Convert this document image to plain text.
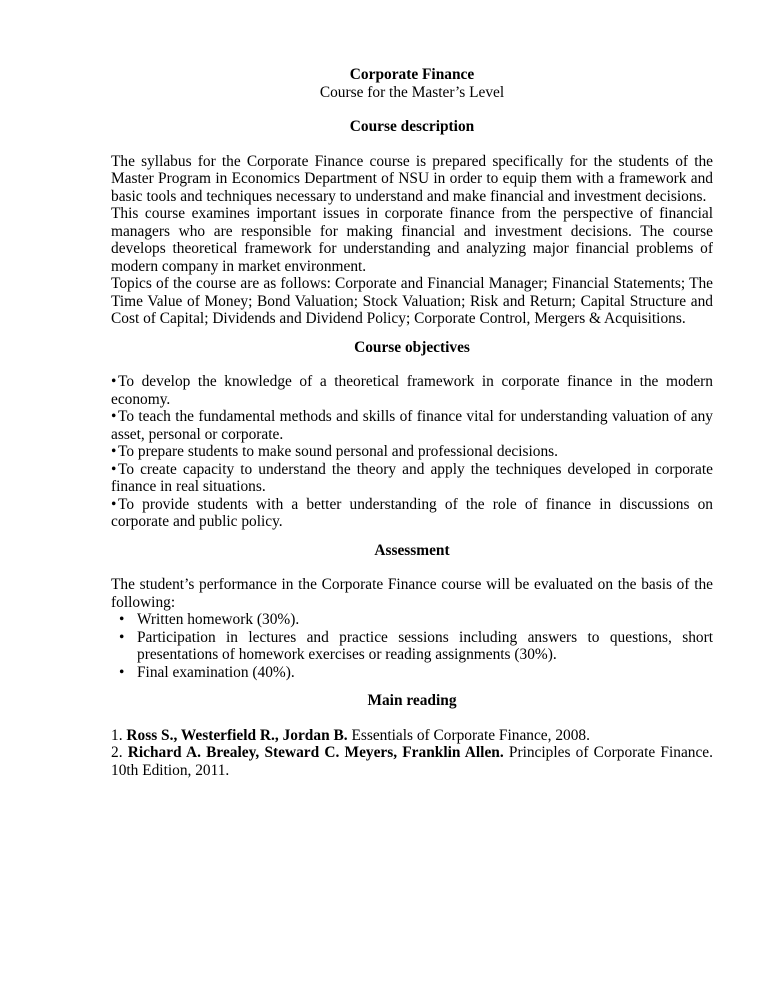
Corporate Finance

Course for the Master’s Level

Course description

The syllabus for the Corporate Finance course is prepared specifically for the students of the Master Program in Economics Department of NSU in order to equip them with a framework and basic tools and techniques necessary to understand and make financial and investment decisions.

This course examines important issues in corporate finance from the perspective of financial managers who are responsible for making financial and investment decisions. The course develops theoretical framework for understanding and analyzing major financial problems of modern company in market environment.

Topics of the course are as follows: Corporate and Financial Manager; Financial Statements; The Time Value of Money; Bond Valuation; Stock Valuation; Risk and Return; Capital Structure and Cost of Capital; Dividends and Dividend Policy; Corporate Control, Mergers & Acquisitions.

Course objectives

• To develop the knowledge of a theoretical framework in corporate finance in the modern economy.

• To teach the fundamental methods and skills of finance vital for understanding valuation of any asset, personal or corporate.

• To prepare students to make sound personal and professional decisions.

• To create capacity to understand the theory and apply the techniques developed in corporate finance in real situations.

• To provide students with a better understanding of the role of finance in discussions on corporate and public policy.

Assessment

The student’s performance in the Corporate Finance course will be evaluated on the basis of the following:

• Written homework (30%).
• Participation in lectures and practice sessions including answers to questions, short presentations of homework exercises or reading assignments (30%).
• Final examination (40%).

Main reading

1. Ross S., Westerfield R., Jordan B. Essentials of Corporate Finance, 2008.

2. Richard A. Brealey, Steward C. Meyers, Franklin Allen. Principles of Corporate Finance. 10th Edition, 2011.
